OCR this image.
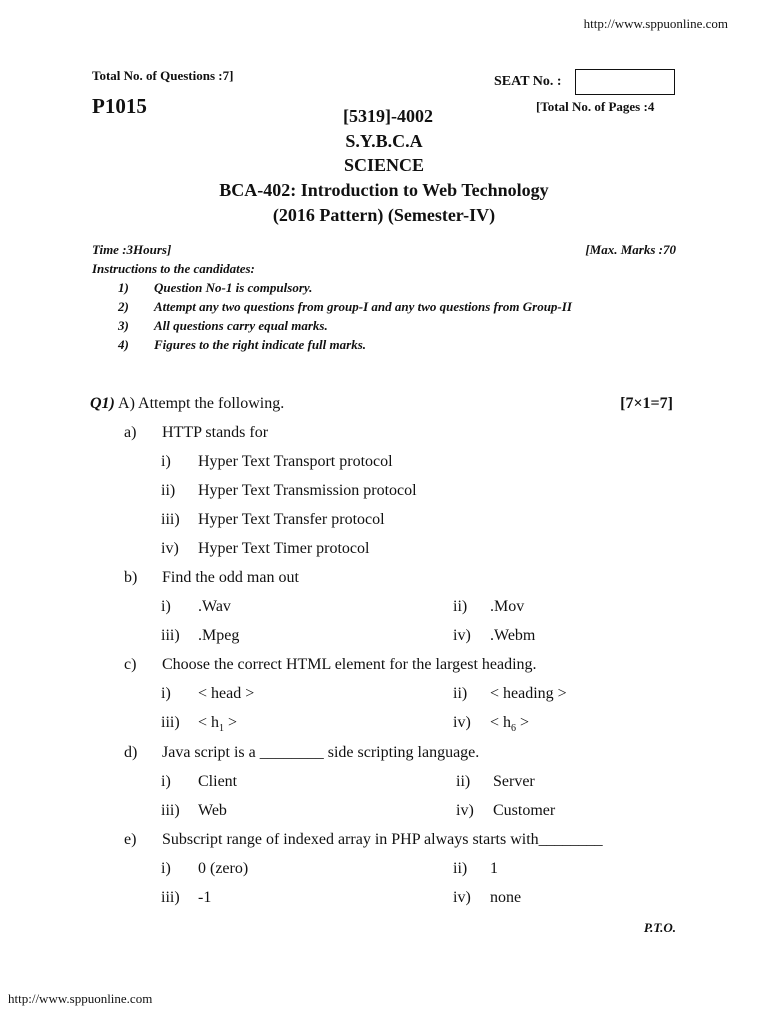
http://www.sppuonline.com
Total No. of Questions :7]
P1015
SEAT No. :
[Total No. of Pages :4
[5319]-4002
S.Y.B.C.A
SCIENCE
BCA-402: Introduction to Web Technology
(2016 Pattern) (Semester-IV)
Time :3Hours]	[Max. Marks :70
Instructions to the candidates:
1) Question No-1 is compulsory.
2) Attempt any two questions from group-I and any two questions from Group-II
3) All questions carry equal marks.
4) Figures to the right indicate full marks.
Q1) A) Attempt the following.	[7×1=7]
a) HTTP stands for
i) Hyper Text Transport protocol
ii) Hyper Text Transmission protocol
iii) Hyper Text Transfer protocol
iv) Hyper Text Timer protocol
b) Find the odd man out
i) .Wav	ii) .Mov
iii) .Mpeg	iv) .Webm
c) Choose the correct HTML element for the largest heading.
i) < head >	ii) < heading >
$iii) < h_1$ >	$iv) < h_6$ >
d) Java script is a ________ side scripting language.
i) Client	ii) Server
iii) Web	iv) Customer
e) Subscript range of indexed array in PHP always starts with________
i) 0 (zero)	ii) 1
iii) -1	iv) none
P.T.O.
http://www.sppuonline.com
